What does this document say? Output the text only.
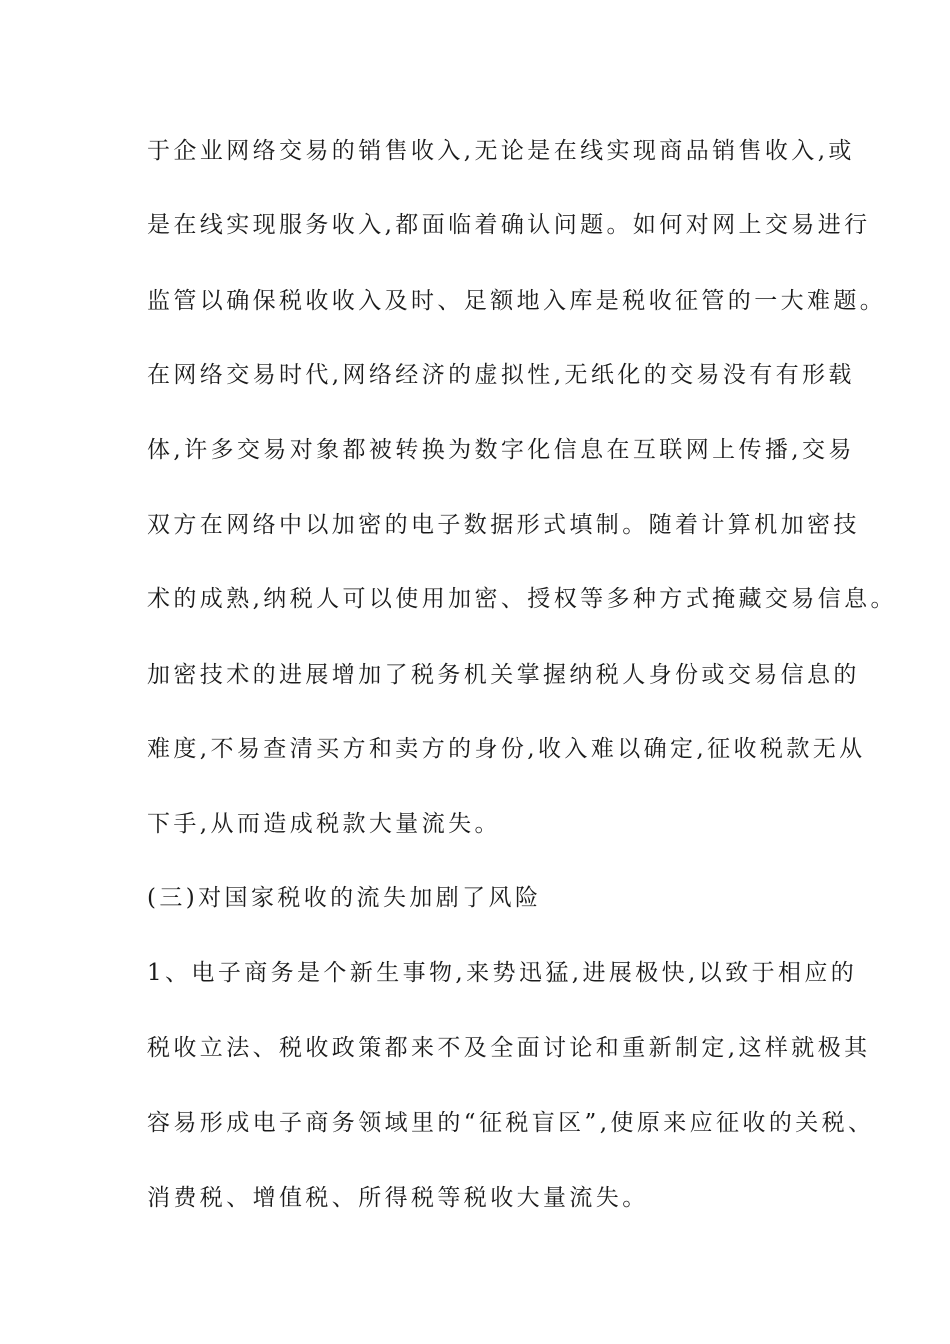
于企业网络交易的销售收入,无论是在线实现商品销售收入,或
是在线实现服务收入,都面临着确认问题。如何对网上交易进行
监管以确保税收收入及时、足额地入库是税收征管的一大难题。
在网络交易时代,网络经济的虚拟性,无纸化的交易没有有形载
体,许多交易对象都被转换为数字化信息在互联网上传播,交易
双方在网络中以加密的电子数据形式填制。随着计算机加密技
术的成熟,纳税人可以使用加密、授权等多种方式掩藏交易信息。
加密技术的进展增加了税务机关掌握纳税人身份或交易信息的
难度,不易查清买方和卖方的身份,收入难以确定,征收税款无从
下手,从而造成税款大量流失。
(三)对国家税收的流失加剧了风险
1、电子商务是个新生事物,来势迅猛,进展极快,以致于相应的
税收立法、税收政策都来不及全面讨论和重新制定,这样就极其
容易形成电子商务领域里的“征税盲区”,使原来应征收的关税、
消费税、增值税、所得税等税收大量流失。
